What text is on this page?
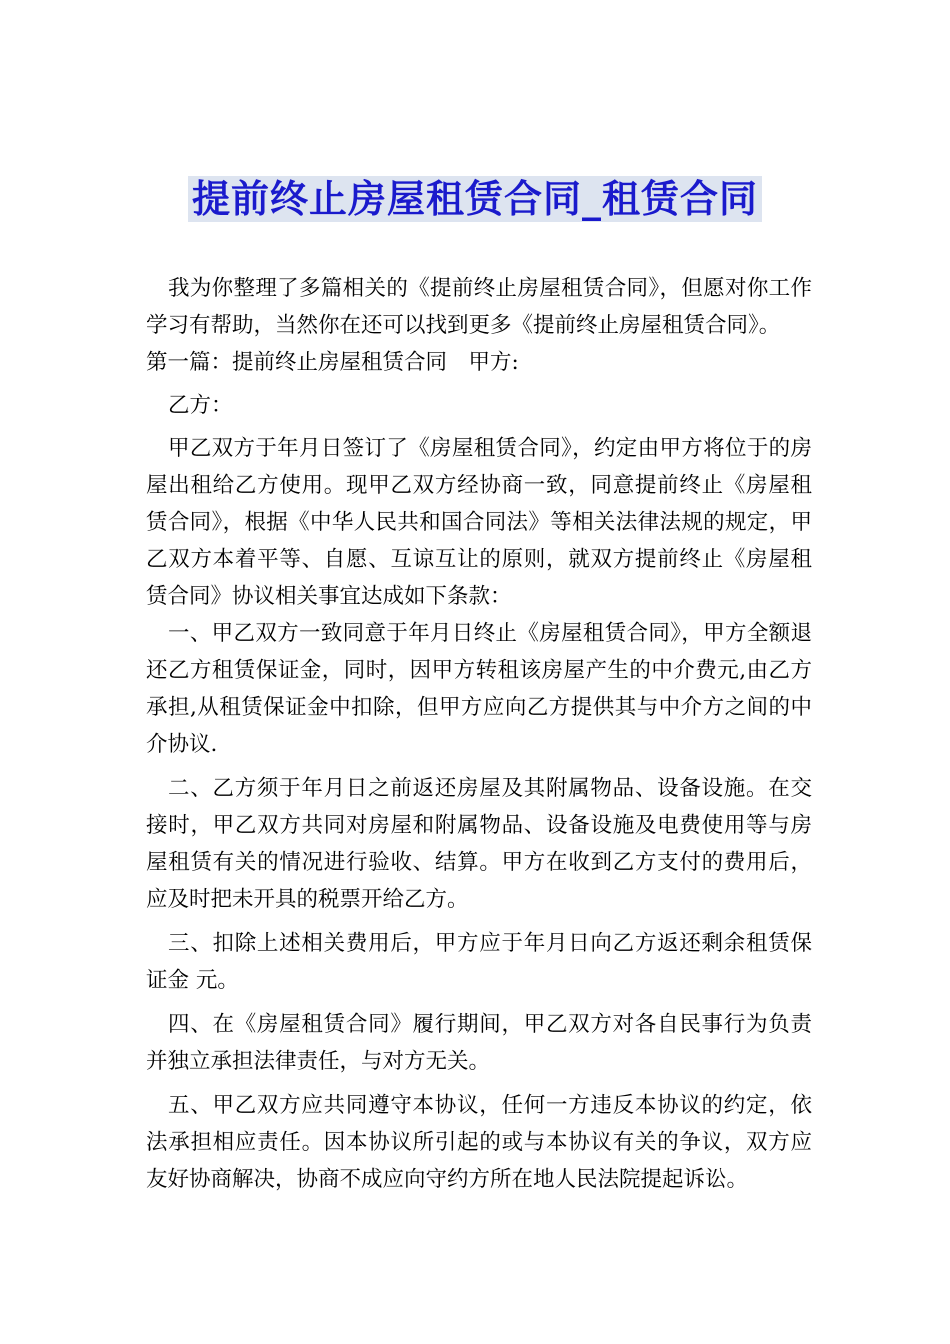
提前终止房屋租赁合同_租赁合同

我为你整理了多篇相关的《提前终止房屋租赁合同》，但愿对你工作学习有帮助，当然你在还可以找到更多《提前终止房屋租赁合同》。

第一篇：提前终止房屋租赁合同　甲方:

乙方：

甲乙双方于年月日签订了《房屋租赁合同》，约定由甲方将位于的房屋出租给乙方使用。现甲乙双方经协商一致，同意提前终止《房屋租赁合同》，根据《中华人民共和国合同法》等相关法律法规的规定，甲乙双方本着平等、自愿、互谅互让的原则，就双方提前终止《房屋租赁合同》协议相关事宜达成如下条款：

一、甲乙双方一致同意于年月日终止《房屋租赁合同》，甲方全额退还乙方租赁保证金，同时，因甲方转租该房屋产生的中介费元,由乙方承担,从租赁保证金中扣除，但甲方应向乙方提供其与中介方之间的中介协议.

二、乙方须于年月日之前返还房屋及其附属物品、设备设施。在交接时，甲乙双方共同对房屋和附属物品、设备设施及电费使用等与房屋租赁有关的情况进行验收、结算。甲方在收到乙方支付的费用后，应及时把未开具的税票开给乙方。

三、扣除上述相关费用后，甲方应于年月日向乙方返还剩余租赁保证金 元。

四、在《房屋租赁合同》履行期间，甲乙双方对各自民事行为负责并独立承担法律责任，与对方无关。

五、甲乙双方应共同遵守本协议，任何一方违反本协议的约定，依法承担相应责任。因本协议所引起的或与本协议有关的争议，双方应友好协商解决，协商不成应向守约方所在地人民法院提起诉讼。
